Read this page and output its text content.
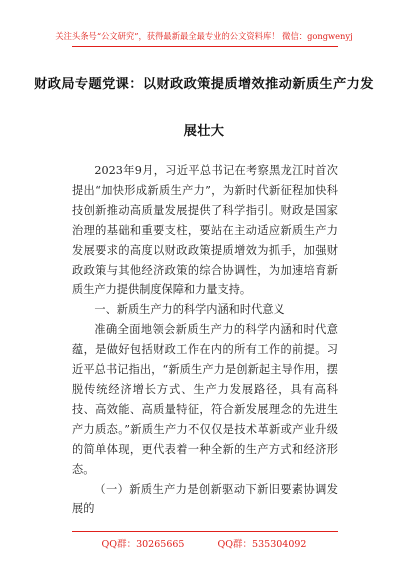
关注头条号“公文研究”，获得最新最全最专业的公文资料库！ 微信：gongwenyj
财政局专题党课：以财政政策提质增效推动新质生产力发
展壮大

2023年9月，习近平总书记在考察黑龙江时首次提出“加快形成新质生产力”，为新时代新征程加快科技创新推动高质量发展提供了科学指引。财政是国家治理的基础和重要支柱，要站在主动适应新质生产力发展要求的高度以财政政策提质增效为抓手，加强财政政策与其他经济政策的综合协调性，为加速培育新质生产力提供制度保障和力量支持。

一、新质生产力的科学内涵和时代意义

准确全面地领会新质生产力的科学内涵和时代意蕴，是做好包括财政工作在内的所有工作的前提。习近平总书记指出，“新质生产力是创新起主导作用，摆脱传统经济增长方式、生产力发展路径，具有高科技、高效能、高质量特征，符合新发展理念的先进生产力质态。”新质生产力不仅仅是技术革新或产业升级的简单体现，更代表着一种全新的生产方式和经济形态。

（一）新质生产力是创新驱动下新旧要素协调发展的

QQ群：30265665	QQ群：535304092
